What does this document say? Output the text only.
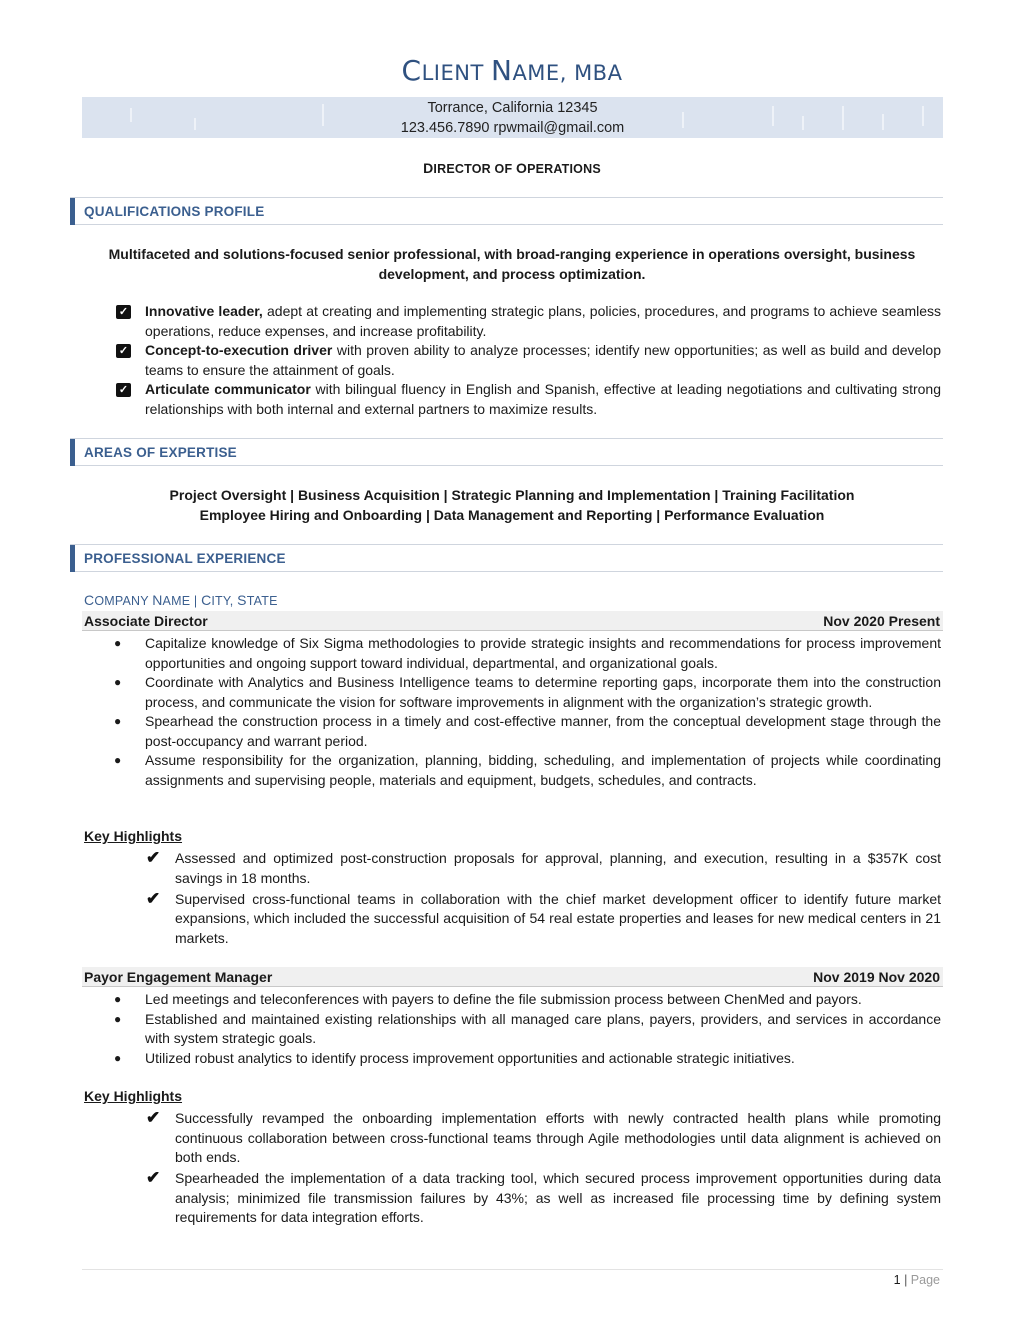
CLIENT NAME, MBA
Torrance, California 12345
123.456.7890 rpwmail@gmail.com
DIRECTOR OF OPERATIONS
QUALIFICATIONS PROFILE
Multifaceted and solutions-focused senior professional, with broad-ranging experience in operations oversight, business development, and process optimization.
✓ Innovative leader, adept at creating and implementing strategic plans, policies, procedures, and programs to achieve seamless operations, reduce expenses, and increase profitability.
✓ Concept-to-execution driver with proven ability to analyze processes; identify new opportunities; as well as build and develop teams to ensure the attainment of goals.
✓ Articulate communicator with bilingual fluency in English and Spanish, effective at leading negotiations and cultivating strong relationships with both internal and external partners to maximize results.
AREAS OF EXPERTISE
Project Oversight | Business Acquisition | Strategic Planning and Implementation | Training Facilitation
Employee Hiring and Onboarding | Data Management and Reporting | Performance Evaluation
PROFESSIONAL EXPERIENCE
COMPANY NAME | CITY, STATE
Associate Director	Nov 2020 Present
● Capitalize knowledge of Six Sigma methodologies to provide strategic insights and recommendations for process improvement opportunities and ongoing support toward individual, departmental, and organizational goals.
● Coordinate with Analytics and Business Intelligence teams to determine reporting gaps, incorporate them into the construction process, and communicate the vision for software improvements in alignment with the organization’s strategic growth.
● Spearhead the construction process in a timely and cost-effective manner, from the conceptual development stage through the post-occupancy and warrant period.
● Assume responsibility for the organization, planning, bidding, scheduling, and implementation of projects while coordinating assignments and supervising people, materials and equipment, budgets, schedules, and contracts.
Key Highlights
✔ Assessed and optimized post-construction proposals for approval, planning, and execution, resulting in a $357K cost savings in 18 months.
✔ Supervised cross-functional teams in collaboration with the chief market development officer to identify future market expansions, which included the successful acquisition of 54 real estate properties and leases for new medical centers in 21 markets.
Payor Engagement Manager	Nov 2019 Nov 2020
● Led meetings and teleconferences with payers to define the file submission process between ChenMed and payors.
● Established and maintained existing relationships with all managed care plans, payers, providers, and services in accordance with system strategic goals.
● Utilized robust analytics to identify process improvement opportunities and actionable strategic initiatives.
Key Highlights
✔ Successfully revamped the onboarding implementation efforts with newly contracted health plans while promoting continuous collaboration between cross-functional teams through Agile methodologies until data alignment is achieved on both ends.
✔ Spearheaded the implementation of a data tracking tool, which secured process improvement opportunities during data analysis; minimized file transmission failures by 43%; as well as increased file processing time by defining system requirements for data integration efforts.
1 | Page
